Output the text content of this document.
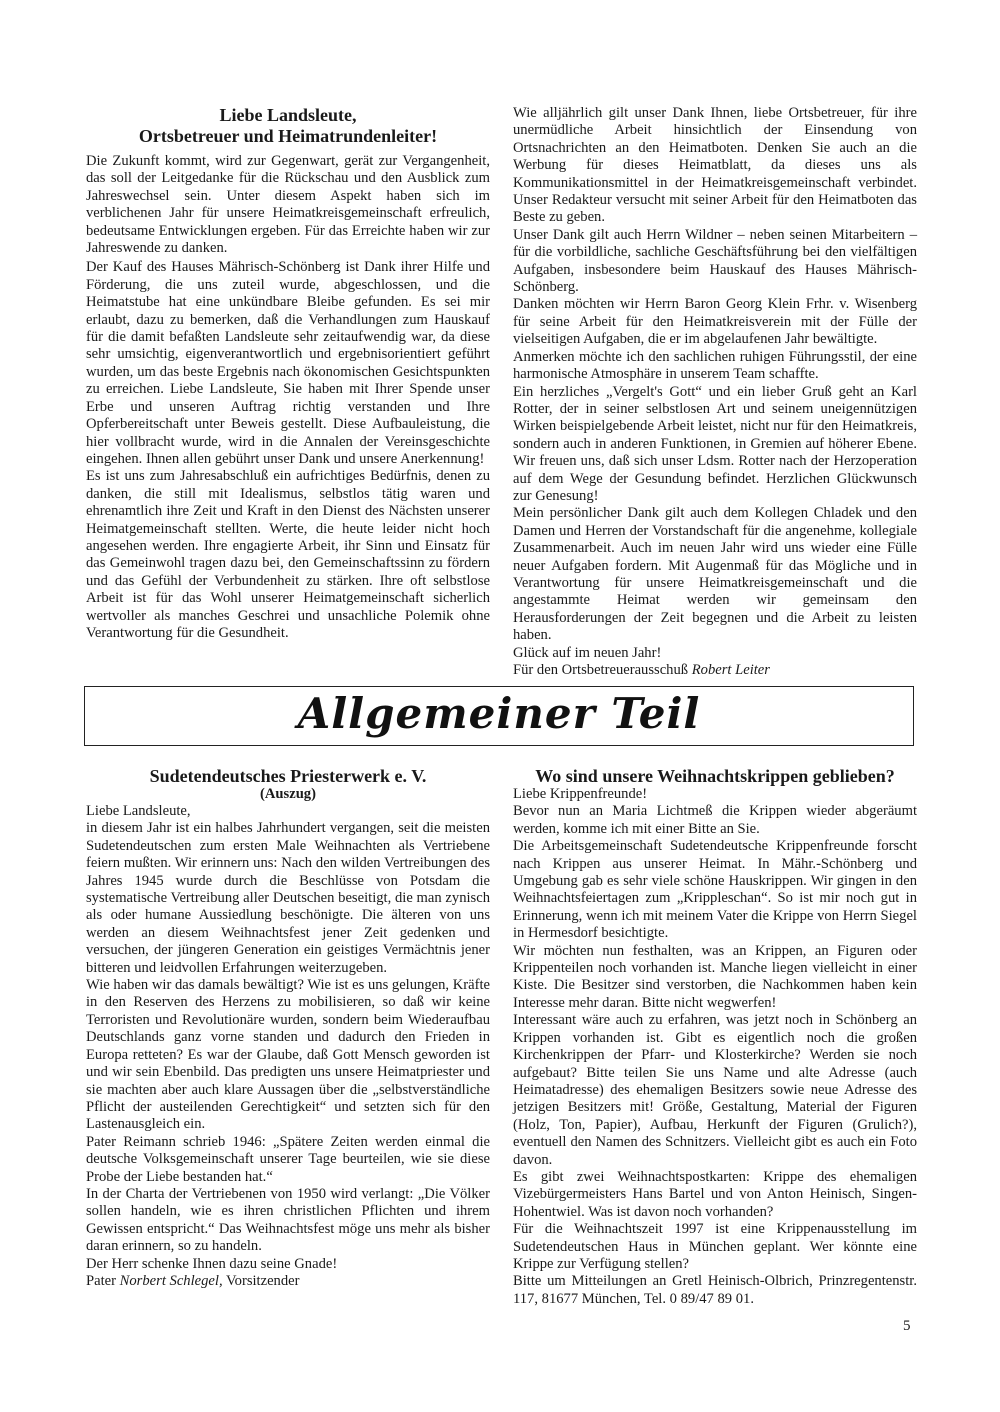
Liebe Landsleute,
Ortsbetreuer und Heimatrundenleiter!

Die Zukunft kommt, wird zur Gegenwart, gerät zur Vergangenheit, das soll der Leitgedanke für die Rückschau und den Ausblick zum Jahreswechsel sein. Unter diesem Aspekt haben sich im verblichenen Jahr für unsere Heimatkreisgemeinschaft erfreulich, bedeutsame Entwicklungen ergeben. Für das Erreichte haben wir zur Jahreswende zu danken.

Der Kauf des Hauses Mährisch-Schönberg ist Dank ihrer Hilfe und Förderung, die uns zuteil wurde, abgeschlossen, und die Heimatstube hat eine unkündbare Bleibe gefunden. Es sei mir erlaubt, dazu zu bemerken, daß die Verhandlungen zum Hauskauf für die damit befaßten Landsleute sehr zeitaufwendig war, da diese sehr umsichtig, eigenverantwortlich und ergebnisorientiert geführt wurden, um das beste Ergebnis nach ökonomischen Gesichtspunkten zu erreichen. Liebe Landsleute, Sie haben mit Ihrer Spende unser Erbe und unseren Auftrag richtig verstanden und Ihre Opferbereitschaft unter Beweis gestellt. Diese Aufbauleistung, die hier vollbracht wurde, wird in die Annalen der Vereinsgeschichte eingehen. Ihnen allen gebührt unser Dank und unsere Anerkennung!

Es ist uns zum Jahresabschluß ein aufrichtiges Bedürfnis, denen zu danken, die still mit Idealismus, selbstlos tätig waren und ehrenamtlich ihre Zeit und Kraft in den Dienst des Nächsten unserer Heimatgemeinschaft stellten. Werte, die heute leider nicht hoch angesehen werden. Ihre engagierte Arbeit, ihr Sinn und Einsatz für das Gemeinwohl tragen dazu bei, den Gemeinschaftssinn zu fördern und das Gefühl der Verbundenheit zu stärken. Ihre oft selbstlose Arbeit ist für das Wohl unserer Heimatgemeinschaft sicherlich wertvoller als manches Geschrei und unsachliche Polemik ohne Verantwortung für die Gesundheit.

Wie alljährlich gilt unser Dank Ihnen, liebe Ortsbetreuer, für ihre unermüdliche Arbeit hinsichtlich der Einsendung von Ortsnachrichten an den Heimatboten. Denken Sie auch an die Werbung für dieses Heimatblatt, da dieses uns als Kommunikationsmittel in der Heimatkreisgemeinschaft verbindet. Unser Redakteur versucht mit seiner Arbeit für den Heimatboten das Beste zu geben.

Unser Dank gilt auch Herrn Wildner – neben seinen Mitarbeitern – für die vorbildliche, sachliche Geschäftsführung bei den vielfältigen Aufgaben, insbesondere beim Hauskauf des Hauses Mährisch-Schönberg.

Danken möchten wir Herrn Baron Georg Klein Frhr. v. Wisenberg für seine Arbeit für den Heimatkreisverein mit der Fülle der vielseitigen Aufgaben, die er im abgelaufenen Jahr bewältigte.

Anmerken möchte ich den sachlichen ruhigen Führungsstil, der eine harmonische Atmosphäre in unserem Team schaffte.

Ein herzliches „Vergelt's Gott“ und ein lieber Gruß geht an Karl Rotter, der in seiner selbstlosen Art und seinem uneigennützigen Wirken beispielgebende Arbeit leistet, nicht nur für den Heimatkreis, sondern auch in anderen Funktionen, in Gremien auf höherer Ebene. Wir freuen uns, daß sich unser Ldsm. Rotter nach der Herzoperation auf dem Wege der Gesundung befindet. Herzlichen Glückwunsch zur Genesung!

Mein persönlicher Dank gilt auch dem Kollegen Chladek und den Damen und Herren der Vorstandschaft für die angenehme, kollegiale Zusammenarbeit. Auch im neuen Jahr wird uns wieder eine Fülle neuer Aufgaben fordern. Mit Augenmaß für das Mögliche und in Verantwortung für unsere Heimatkreisgemeinschaft und die angestammte Heimat werden wir gemeinsam den Herausforderungen der Zeit begegnen und die Arbeit zu leisten haben.

Glück auf im neuen Jahr!

Für den Ortsbetreuerausschuß Robert Leiter

Allgemeiner Teil
Sudetendeutsches Priesterwerk e. V.
(Auszug)

Liebe Landsleute,

in diesem Jahr ist ein halbes Jahrhundert vergangen, seit die meisten Sudetendeutschen zum ersten Male Weihnachten als Vertriebene feiern mußten. Wir erinnern uns: Nach den wilden Vertreibungen des Jahres 1945 wurde durch die Beschlüsse von Potsdam die systematische Vertreibung aller Deutschen beseitigt, die man zynisch als oder humane Aussiedlung beschönigte. Die älteren von uns werden an diesem Weihnachtsfest jener Zeit gedenken und versuchen, der jüngeren Generation ein geistiges Vermächtnis jener bitteren und leidvollen Erfahrungen weiterzugeben.

Wie haben wir das damals bewältigt? Wie ist es uns gelungen, Kräfte in den Reserven des Herzens zu mobilisieren, so daß wir keine Terroristen und Revolutionäre wurden, sondern beim Wiederaufbau Deutschlands ganz vorne standen und dadurch den Frieden in Europa retteten? Es war der Glaube, daß Gott Mensch geworden ist und wir sein Ebenbild. Das predigten uns unsere Heimatpriester und sie machten aber auch klare Aussagen über die „selbstverständliche Pflicht der austeilenden Gerechtigkeit“ und setzten sich für den Lastenausgleich ein.

Pater Reimann schrieb 1946: „Spätere Zeiten werden einmal die deutsche Volksgemeinschaft unserer Tage beurteilen, wie sie diese Probe der Liebe bestanden hat.“

In der Charta der Vertriebenen von 1950 wird verlangt: „Die Völker sollen handeln, wie es ihren christlichen Pflichten und ihrem Gewissen entspricht.“ Das Weihnachtsfest möge uns mehr als bisher daran erinnern, so zu handeln.

Der Herr schenke Ihnen dazu seine Gnade!

Pater Norbert Schlegel, Vorsitzender

Wo sind unsere Weihnachtskrippen geblieben?

Liebe Krippenfreunde!

Bevor nun an Maria Lichtmeß die Krippen wieder abgeräumt werden, komme ich mit einer Bitte an Sie.

Die Arbeitsgemeinschaft Sudetendeutsche Krippenfreunde forscht nach Krippen aus unserer Heimat. In Mähr.-Schönberg und Umgebung gab es sehr viele schöne Hauskrippen. Wir gingen in den Weihnachtsfeiertagen zum „Krippleschan“. So ist mir noch gut in Erinnerung, wenn ich mit meinem Vater die Krippe von Herrn Siegel in Hermesdorf besichtigte.

Wir möchten nun festhalten, was an Krippen, an Figuren oder Krippenteilen noch vorhanden ist. Manche liegen vielleicht in einer Kiste. Die Besitzer sind verstorben, die Nachkommen haben kein Interesse mehr daran. Bitte nicht wegwerfen!

Interessant wäre auch zu erfahren, was jetzt noch in Schönberg an Krippen vorhanden ist. Gibt es eigentlich noch die großen Kirchenkrippen der Pfarr- und Klosterkirche? Werden sie noch aufgebaut? Bitte teilen Sie uns Name und alte Adresse (auch Heimatadresse) des ehemaligen Besitzers sowie neue Adresse des jetzigen Besitzers mit! Größe, Gestaltung, Material der Figuren (Holz, Ton, Papier), Aufbau, Herkunft der Figuren (Grulich?), eventuell den Namen des Schnitzers. Vielleicht gibt es auch ein Foto davon.

Es gibt zwei Weihnachtspostkarten: Krippe des ehemaligen Vizebürgermeisters Hans Bartel und von Anton Heinisch, Singen-Hohentwiel. Was ist davon noch vorhanden?

Für die Weihnachtszeit 1997 ist eine Krippenausstellung im Sudetendeutschen Haus in München geplant. Wer könnte eine Krippe zur Verfügung stellen?

Bitte um Mitteilungen an Gretl Heinisch-Olbrich, Prinzregentenstr. 117, 81677 München, Tel. 0 89/47 89 01.

5
